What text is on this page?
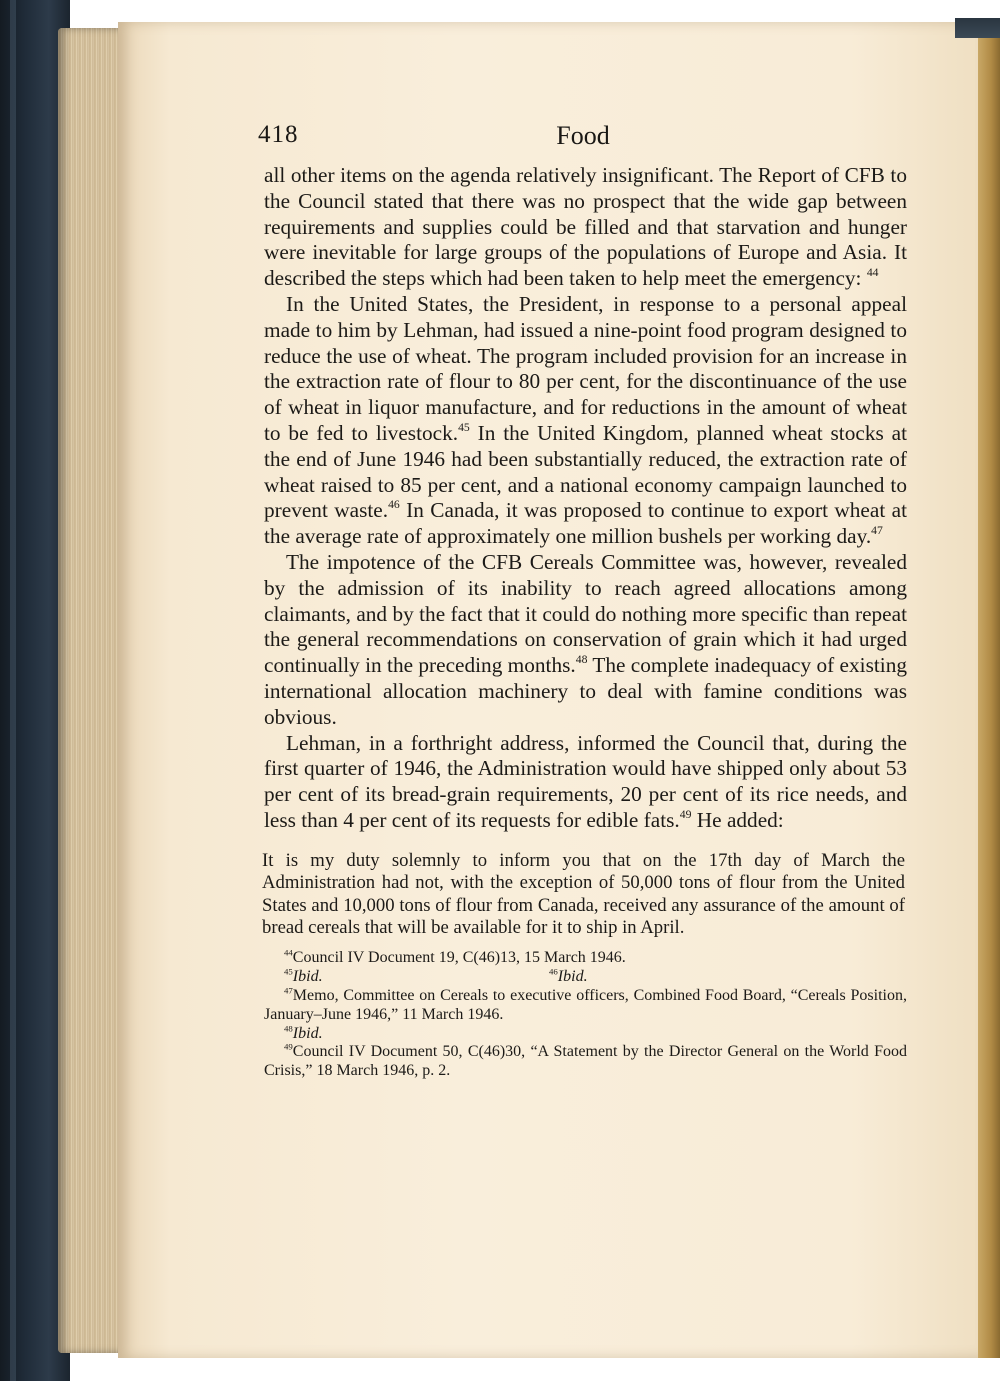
418	Food

all other items on the agenda relatively insignificant. The Report of CFB to the Council stated that there was no prospect that the wide gap between requirements and supplies could be filled and that starvation and hunger were inevitable for large groups of the populations of Europe and Asia. It described the steps which had been taken to help meet the emergency: $^{44}$

In the United States, the President, in response to a personal appeal made to him by Lehman, had issued a nine-point food program designed to reduce the use of wheat. The program included provision for an increase in the extraction rate of flour to 80 per cent, for the discontinuance of the use of wheat in liquor manufacture, and for reductions in the amount of wheat to be fed to livestock.$^{45}$ In the United Kingdom, planned wheat stocks at the end of June 1946 had been substantially reduced, the extraction rate of wheat raised to 85 per cent, and a national economy campaign launched to prevent waste.$^{46}$ In Canada, it was proposed to continue to export wheat at the average rate of approximately one million bushels per working day.$^{47}$

The impotence of the CFB Cereals Committee was, however, revealed by the admission of its inability to reach agreed allocations among claimants, and by the fact that it could do nothing more specific than repeat the general recommendations on conservation of grain which it had urged continually in the preceding months.$^{48}$ The complete inadequacy of existing international allocation machinery to deal with famine conditions was obvious.

Lehman, in a forthright address, informed the Council that, during the first quarter of 1946, the Administration would have shipped only about 53 per cent of its bread-grain requirements, 20 per cent of its rice needs, and less than 4 per cent of its requests for edible fats.$^{49}$ He added:

It is my duty solemnly to inform you that on the 17th day of March the Administration had not, with the exception of 50,000 tons of flour from the United States and 10,000 tons of flour from Canada, received any assurance of the amount of bread cereals that will be available for it to ship in April.

$^{44}$Council IV Document 19, C(46)13, 15 March 1946.

$^{45}$Ibid.	$^{46}$Ibid.

$^{47}$Memo, Committee on Cereals to executive officers, Combined Food Board, “Cereals Position, January–June 1946,” 11 March 1946.

$^{48}$Ibid.

$^{49}$Council IV Document 50, C(46)30, “A Statement by the Director General on the World Food Crisis,” 18 March 1946, p. 2.
